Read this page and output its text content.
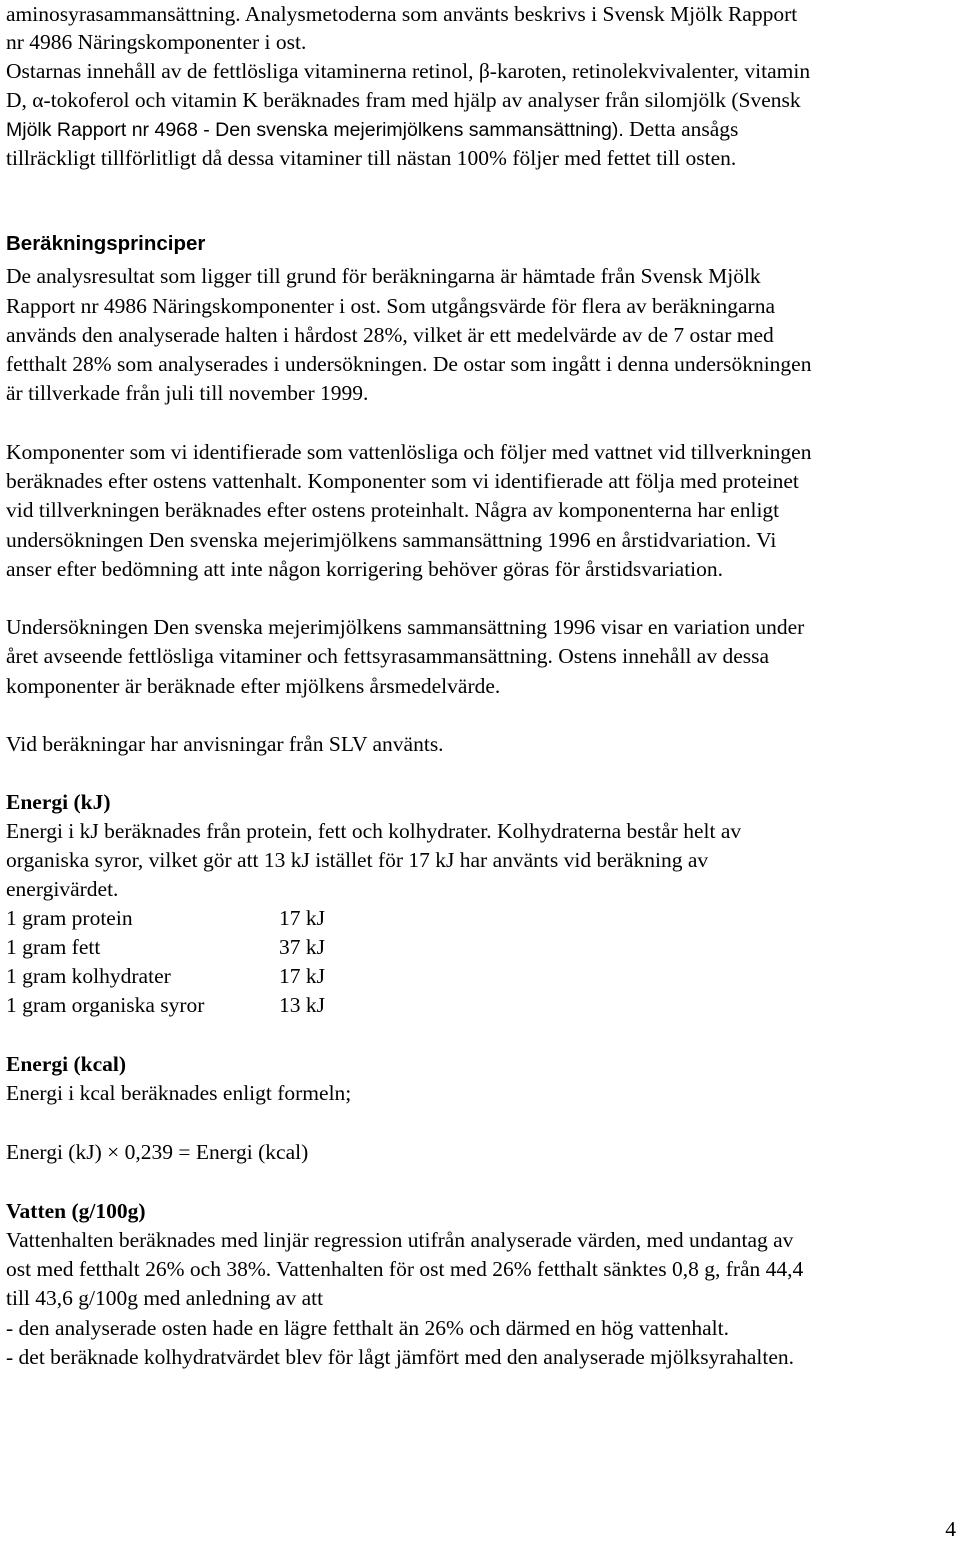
aminosyrasammansättning. Analysmetoderna som använts beskrivs i Svensk Mjölk Rapport
nr 4986 Näringskomponenter i ost.
Ostarnas innehåll av de fettlösliga vitaminerna retinol, β-karoten, retinolekvivalenter, vitamin
D, α-tokoferol och vitamin K beräknades fram med hjälp av analyser från silomjölk (Svensk
Mjölk Rapport nr 4968 - Den svenska mejerimjölkens sammansättning). Detta ansågs
tillräckligt tillförlitligt då dessa vitaminer till nästan 100% följer med fettet till osten.
Beräkningsprinciper
De analysresultat som ligger till grund för beräkningarna är hämtade från Svensk Mjölk
Rapport nr 4986 Näringskomponenter i ost. Som utgångsvärde för flera av beräkningarna
används den analyserade halten i hårdost 28%, vilket är ett medelvärde av de 7 ostar med
fetthalt 28% som analyserades i undersökningen. De ostar som ingått i denna undersökningen
är tillverkade från juli till november 1999.
Komponenter som vi identifierade som vattenlösliga och följer med vattnet vid tillverkningen
beräknades efter ostens vattenhalt. Komponenter som vi identifierade att följa med proteinet
vid tillverkningen beräknades efter ostens proteinhalt. Några av komponenterna har enligt
undersökningen Den svenska mejerimjölkens sammansättning 1996 en årstidvariation. Vi
anser efter bedömning att inte någon korrigering behöver göras för årstidsvariation.
Undersökningen Den svenska mejerimjölkens sammansättning 1996 visar en variation under
året avseende fettlösliga vitaminer och fettsyrasammansättning. Ostens innehåll av dessa
komponenter är beräknade efter mjölkens årsmedelvärde.
Vid beräkningar har anvisningar från SLV använts.
Energi (kJ)
Energi i kJ beräknades från protein, fett och kolhydrater. Kolhydraterna består helt av
organiska syror, vilket gör att 13 kJ istället för 17 kJ har använts vid beräkning av
energivärdet.
1 gram protein	17 kJ
1 gram fett	37 kJ
1 gram kolhydrater	17 kJ
1 gram organiska syror	13 kJ
Energi (kcal)
Energi i kcal beräknades enligt formeln;
Energi (kJ) × 0,239 = Energi (kcal)
Vatten (g/100g)
Vattenhalten beräknades med linjär regression utifrån analyserade värden, med undantag av
ost med fetthalt 26% och 38%. Vattenhalten för ost med 26% fetthalt sänktes 0,8 g, från 44,4
till 43,6 g/100g med anledning av att
- den analyserade osten hade en lägre fetthalt än 26% och därmed en hög vattenhalt.
- det beräknade kolhydratvärdet blev för lågt jämfört med den analyserade mjölksyrahalten.
4
